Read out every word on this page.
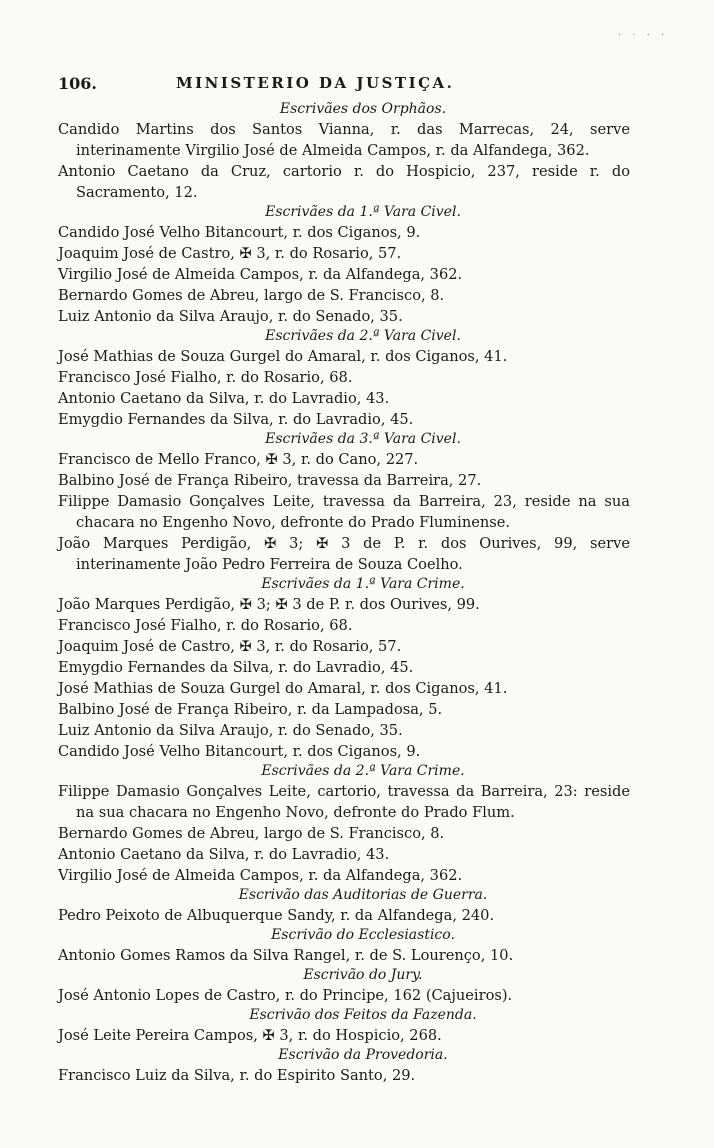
· · · ·
106.	MINISTERIO DA JUSTIÇA.
Escrivães dos Orphãos.
Candido Martins dos Santos Vianna, r. das Marrecas, 24, serve interinamente Virgilio José de Almeida Campos, r. da Alfandega, 362.
Antonio Caetano da Cruz, cartorio r. do Hospicio, 237, reside r. do Sacramento, 12.
Escrivães da 1.ª Vara Civel.
Candido José Velho Bitancourt, r. dos Ciganos, 9.
Joaquim José de Castro, ✠ 3, r. do Rosario, 57.
Virgilio José de Almeida Campos, r. da Alfandega, 362.
Bernardo Gomes de Abreu, largo de S. Francisco, 8.
Luiz Antonio da Silva Araujo, r. do Senado, 35.
Escrivães da 2.ª Vara Civel.
José Mathias de Souza Gurgel do Amaral, r. dos Ciganos, 41.
Francisco José Fialho, r. do Rosario, 68.
Antonio Caetano da Silva, r. do Lavradio, 43.
Emygdio Fernandes da Silva, r. do Lavradio, 45.
Escrivães da 3.ª Vara Civel.
Francisco de Mello Franco, ✠ 3, r. do Cano, 227.
Balbino José de França Ribeiro, travessa da Barreira, 27.
Filippe Damasio Gonçalves Leite, travessa da Barreira, 23, reside na sua chacara no Engenho Novo, defronte do Prado Fluminense.
João Marques Perdigão, ✠ 3; ✠ 3 de P. r. dos Ourives, 99, serve interinamente João Pedro Ferreira de Souza Coelho.
Escrivães da 1.ª Vara Crime.
João Marques Perdigão, ✠ 3; ✠ 3 de P. r. dos Ourives, 99.
Francisco José Fialho, r. do Rosario, 68.
Joaquim José de Castro, ✠ 3, r. do Rosario, 57.
Emygdio Fernandes da Silva, r. do Lavradio, 45.
José Mathias de Souza Gurgel do Amaral, r. dos Ciganos, 41.
Balbino José de França Ribeiro, r. da Lampadosa, 5.
Luiz Antonio da Silva Araujo, r. do Senado, 35.
Candido José Velho Bitancourt, r. dos Ciganos, 9.
Escrivães da 2.ª Vara Crime.
Filippe Damasio Gonçalves Leite, cartorio, travessa da Barreira, 23: reside na sua chacara no Engenho Novo, defronte do Prado Flum.
Bernardo Gomes de Abreu, largo de S. Francisco, 8.
Antonio Caetano da Silva, r. do Lavradio, 43.
Virgilio José de Almeida Campos, r. da Alfandega, 362.
Escrivão das Auditorias de Guerra.
Pedro Peixoto de Albuquerque Sandy, r. da Alfandega, 240.
Escrivão do Ecclesiastico.
Antonio Gomes Ramos da Silva Rangel, r. de S. Lourenço, 10.
Escrivão do Jury.
José Antonio Lopes de Castro, r. do Principe, 162 (Cajueiros).
Escrivão dos Feitos da Fazenda.
José Leite Pereira Campos, ✠ 3, r. do Hospicio, 268.
Escrivão da Provedoria.
Francisco Luiz da Silva, r. do Espirito Santo, 29.
